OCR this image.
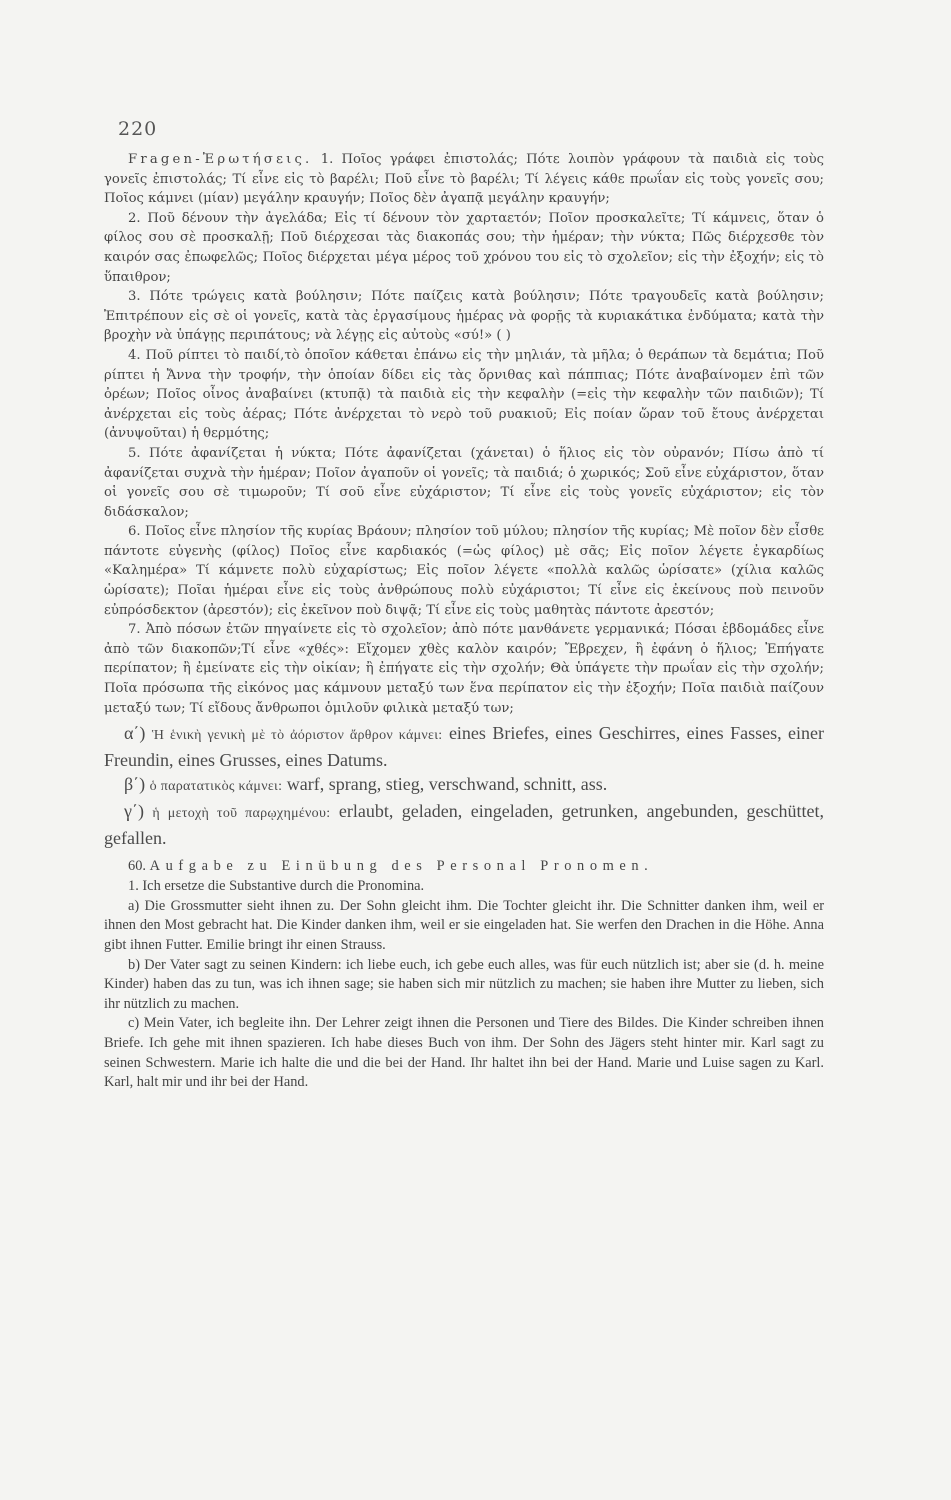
220

Fragen-Ἐρωτήσεις. 1. Ποῖος γράφει ἐπιστολάς; Πότε λοιπὸν γράφουν τὰ παιδιὰ εἰς τοὺς γονεῖς ἐπιστολάς; Τί εἶνε εἰς τὸ βαρέλι; Ποῦ εἶνε τὸ βαρέλι; Τί λέγεις κάθε πρωΐαν εἰς τοὺς γονεῖς σου; Ποῖος κάμνει (μίαν) μεγάλην κραυγήν; Ποῖος δὲν ἀγαπᾷ μεγάλην κραυγήν;

2. Ποῦ δένουν τὴν ἀγελάδα; Εἰς τί δένουν τὸν χαρταετόν; Ποῖον προσκαλεῖτε; Τί κάμνεις, ὅταν ὁ φίλος σου σὲ προσκαλῇ; Ποῦ διέρχεσαι τὰς διακοπάς σου; τὴν ἡμέραν; τὴν νύκτα; Πῶς διέρχεσθε τὸν καιρόν σας ἐπωφελῶς; Ποῖος διέρχεται μέγα μέρος τοῦ χρόνου του εἰς τὸ σχολεῖον; εἰς τὴν ἐξοχήν; εἰς τὸ ὕπαιθρον;

3. Πότε τρώγεις κατὰ βούλησιν; Πότε παίζεις κατὰ βούλησιν; Πότε τραγουδεῖς κατὰ βούλησιν; Ἐπιτρέπουν εἰς σὲ οἱ γονεῖς, κατὰ τὰς ἐργασίμους ἡμέρας νὰ φορῇς τὰ κυριακάτικα ἐνδύματα; κατὰ τὴν βροχὴν νὰ ὑπάγῃς περιπάτους; νὰ λέγῃς εἰς αὐτοὺς «σύ!» ( )

4. Ποῦ ρίπτει τὸ παιδί,τὸ ὁποῖον κάθεται ἐπάνω εἰς τὴν μηλιάν, τὰ μῆλα; ὁ θεράπων τὰ δεμάτια; Ποῦ ρίπτει ἡ Ἄννα τὴν τροφήν, τὴν ὁποίαν δίδει εἰς τὰς ὄρνιθας καὶ πάππιας; Πότε ἀναβαίνομεν ἐπὶ τῶν ὀρέων; Ποῖος οἶνος ἀναβαίνει (κτυπᾷ) τὰ παιδιὰ εἰς τὴν κεφαλὴν (=εἰς τὴν κεφαλὴν τῶν παιδιῶν); Τί ἀνέρχεται εἰς τοὺς ἀέρας; Πότε ἀνέρχεται τὸ νερὸ τοῦ ρυακιοῦ; Εἰς ποίαν ὥραν τοῦ ἔτους ἀνέρχεται (ἀνυψοῦται) ἡ θερμότης;

5. Πότε ἀφανίζεται ἡ νύκτα; Πότε ἀφανίζεται (χάνεται) ὁ ἥλιος εἰς τὸν οὐρανόν; Πίσω ἀπὸ τί ἀφανίζεται συχνὰ τὴν ἡμέραν; Ποῖον ἀγαποῦν οἱ γονεῖς; τὰ παιδιά; ὁ χωρικός; Σοῦ εἶνε εὐχάριστον, ὅταν οἱ γονεῖς σου σὲ τιμωροῦν; Τί σοῦ εἶνε εὐχάριστον; Τί εἶνε εἰς τοὺς γονεῖς εὐχάριστον; εἰς τὸν διδάσκαλον;

6. Ποῖος εἶνε πλησίον τῆς κυρίας Βράουν; πλησίον τοῦ μύλου; πλησίον τῆς κυρίας; Μὲ ποῖον δὲν εἶσθε πάντοτε εὐγενὴς (φίλος) Ποῖος εἶνε καρδιακός (=ὡς φίλος) μὲ σᾶς; Εἰς ποῖον λέγετε ἐγκαρδίως «Καλημέρα» Τί κάμνετε πολὺ εὐχαρίστως; Εἰς ποῖον λέγετε «πολλὰ καλῶς ὡρίσατε» (χίλια καλῶς ὡρίσατε); Ποῖαι ἡμέραι εἶνε εἰς τοὺς ἀνθρώπους πολὺ εὐχάριστοι; Τί εἶνε εἰς ἐκείνους ποὺ πεινοῦν εὐπρόσδεκτον (ἀρεστόν); εἰς ἐκεῖνον ποὺ διψᾷ; Τί εἶνε εἰς τοὺς μαθητὰς πάντοτε ἀρεστόν;

7. Ἀπὸ πόσων ἐτῶν πηγαίνετε εἰς τὸ σχολεῖον; ἀπὸ πότε μανθάνετε γερμανικά; Πόσαι ἑβδομάδες εἶνε ἀπὸ τῶν διακοπῶν;Τί εἶνε «χθές»: Εἴχομεν χθὲς καλὸν καιρόν; Ἔβρεχεν, ἢ ἐφάνη ὁ ἥλιος; Ἐπήγατε περίπατον; ἢ ἐμείνατε εἰς τὴν οἰκίαν; ἢ ἐπήγατε εἰς τὴν σχολήν; Θὰ ὑπάγετε τὴν πρωΐαν εἰς τὴν σχολήν; Ποῖα πρόσωπα τῆς εἰκόνος μας κάμνουν μεταξύ των ἕνα περίπατον εἰς τὴν ἐξοχήν; Ποῖα παιδιὰ παίζουν μεταξύ των; Τί εἴδους ἄνθρωποι ὁμιλοῦν φιλικὰ μεταξύ των;

α΄) Ἡ ἑνικὴ γενικὴ μὲ τὸ ἀόριστον ἄρθρον κάμνει: eines Briefes, eines Geschirres, eines Fasses, einer Freundin, eines Grusses, eines Datums.

β΄) ὁ παρατατικὸς κάμνει: warf, sprang, stieg, verschwand, schnitt, ass.

γ΄) ἡ μετοχὴ τοῦ παρῳχημένου: erlaubt, geladen, eingeladen, getrunken, angebunden, geschüttet, gefallen.

60. Aufgabe zu Einübung des Personal Pronomen.

1. Ich ersetze die Substantive durch die Pronomina.

a) Die Grossmutter sieht ihnen zu. Der Sohn gleicht ihm. Die Tochter gleicht ihr. Die Schnitter danken ihm, weil er ihnen den Most gebracht hat. Die Kinder danken ihm, weil er sie eingeladen hat. Sie werfen den Drachen in die Höhe. Anna gibt ihnen Futter. Emilie bringt ihr einen Strauss.

b) Der Vater sagt zu seinen Kindern: ich liebe euch, ich gebe euch alles, was für euch nützlich ist; aber sie (d. h. meine Kinder) haben das zu tun, was ich ihnen sage; sie haben sich mir nützlich zu machen; sie haben ihre Mutter zu lieben, sich ihr nützlich zu machen.

c) Mein Vater, ich begleite ihn. Der Lehrer zeigt ihnen die Personen und Tiere des Bildes. Die Kinder schreiben ihnen Briefe. Ich gehe mit ihnen spazieren. Ich habe dieses Buch von ihm. Der Sohn des Jägers steht hinter mir. Karl sagt zu seinen Schwestern. Marie ich halte die und die bei der Hand. Ihr haltet ihn bei der Hand. Marie und Luise sagen zu Karl. Karl, halt mir und ihr bei der Hand.
